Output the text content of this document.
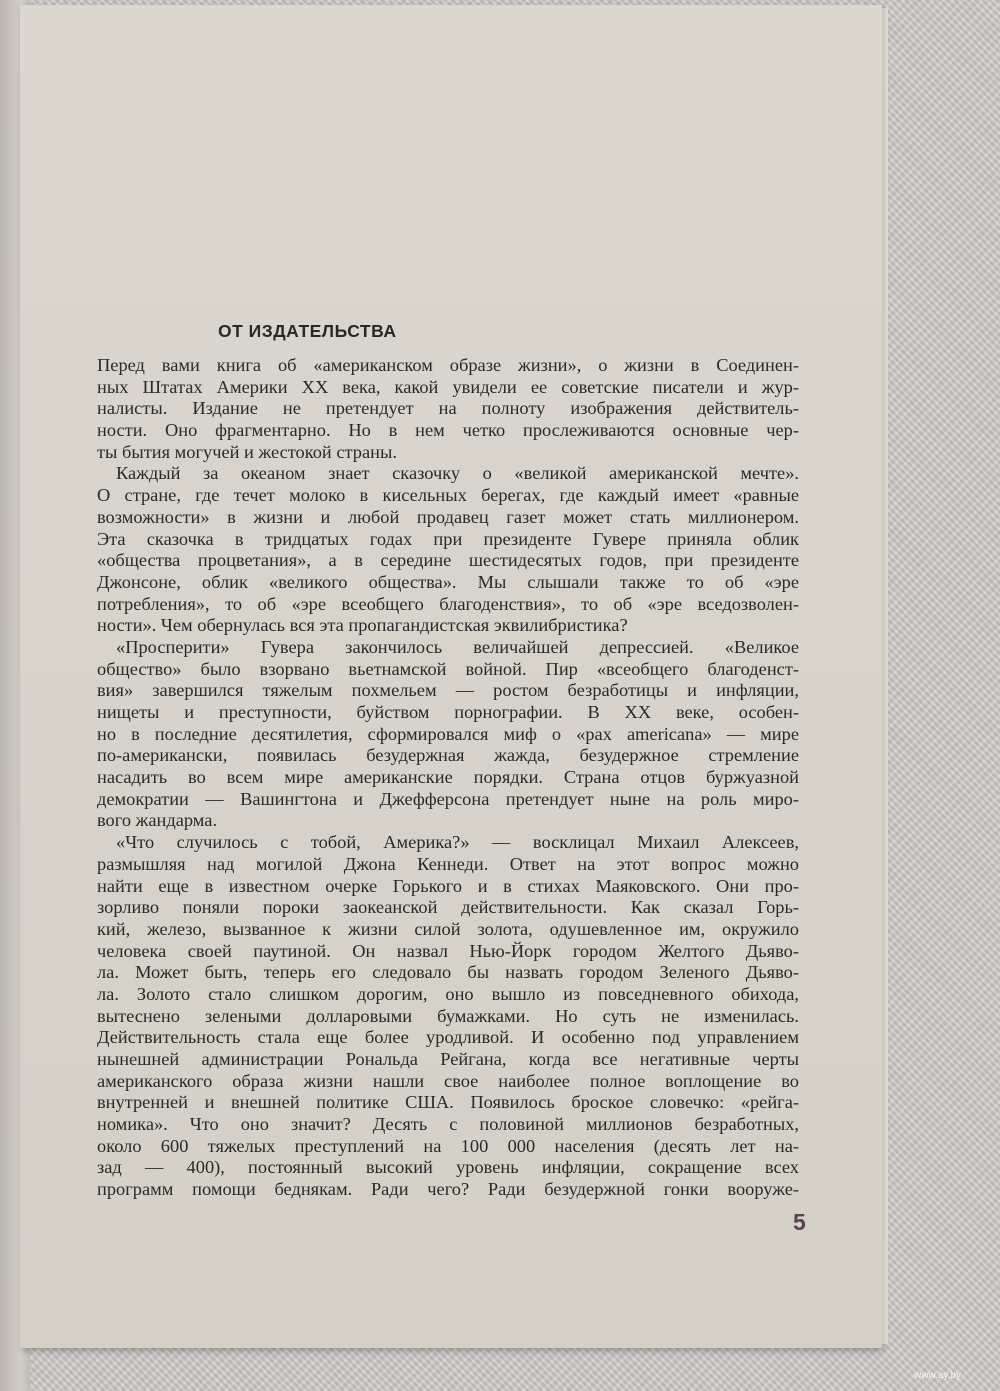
ОТ ИЗДАТЕЛЬСТВА
Перед вами книга об «американском образе жизни», о жизни в Соединен-
ных Штатах Америки XX века, какой увидели ее советские писатели и жур-
налисты. Издание не претендует на полноту изображения действитель-
ности. Оно фрагментарно. Но в нем четко прослеживаются основные чер-
ты бытия могучей и жестокой страны.
Каждый за океаном знает сказочку о «великой американской мечте».
О стране, где течет молоко в кисельных берегах, где каждый имеет «равные
возможности» в жизни и любой продавец газет может стать миллионером.
Эта сказочка в тридцатых годах при президенте Гувере приняла облик
«общества процветания», а в середине шестидесятых годов, при президенте
Джонсоне, облик «великого общества». Мы слышали также то об «эре
потребления», то об «эре всеобщего благоденствия», то об «эре вседозволен-
ности». Чем обернулась вся эта пропагандистская эквилибристика?
«Просперити» Гувера закончилось величайшей депрессией. «Великое
общество» было взорвано вьетнамской войной. Пир «всеобщего благоденст-
вия» завершился тяжелым похмельем — ростом безработицы и инфляции,
нищеты и преступности, буйством порнографии. В XX веке, особен-
но в последние десятилетия, сформировался миф о «pax americana» — мире
по-американски, появилась безудержная жажда, безудержное стремление
насадить во всем мире американские порядки. Страна отцов буржуазной
демократии — Вашингтона и Джефферсона претендует ныне на роль миро-
вого жандарма.
«Что случилось с тобой, Америка?» — восклицал Михаил Алексеев,
размышляя над могилой Джона Кеннеди. Ответ на этот вопрос можно
найти еще в известном очерке Горького и в стихах Маяковского. Они про-
зорливо поняли пороки заокеанской действительности. Как сказал Горь-
кий, железо, вызванное к жизни силой золота, одушевленное им, окружило
человека своей паутиной. Он назвал Нью-Йорк городом Желтого Дьяво-
ла. Может быть, теперь его следовало бы назвать городом Зеленого Дьяво-
ла. Золото стало слишком дорогим, оно вышло из повседневного обихода,
вытеснено зелеными долларовыми бумажками. Но суть не изменилась.
Действительность стала еще более уродливой. И особенно под управлением
нынешней администрации Рональда Рейгана, когда все негативные черты
американского образа жизни нашли свое наиболее полное воплощение во
внутренней и внешней политике США. Появилось броское словечко: «рейга-
номика». Что оно значит? Десять с половиной миллионов безработных,
около 600 тяжелых преступлений на 100 000 населения (десять лет на-
зад — 400), постоянный высокий уровень инфляции, сокращение всех
программ помощи беднякам. Ради чего? Ради безудержной гонки вооруже-
5
www.ay.by
